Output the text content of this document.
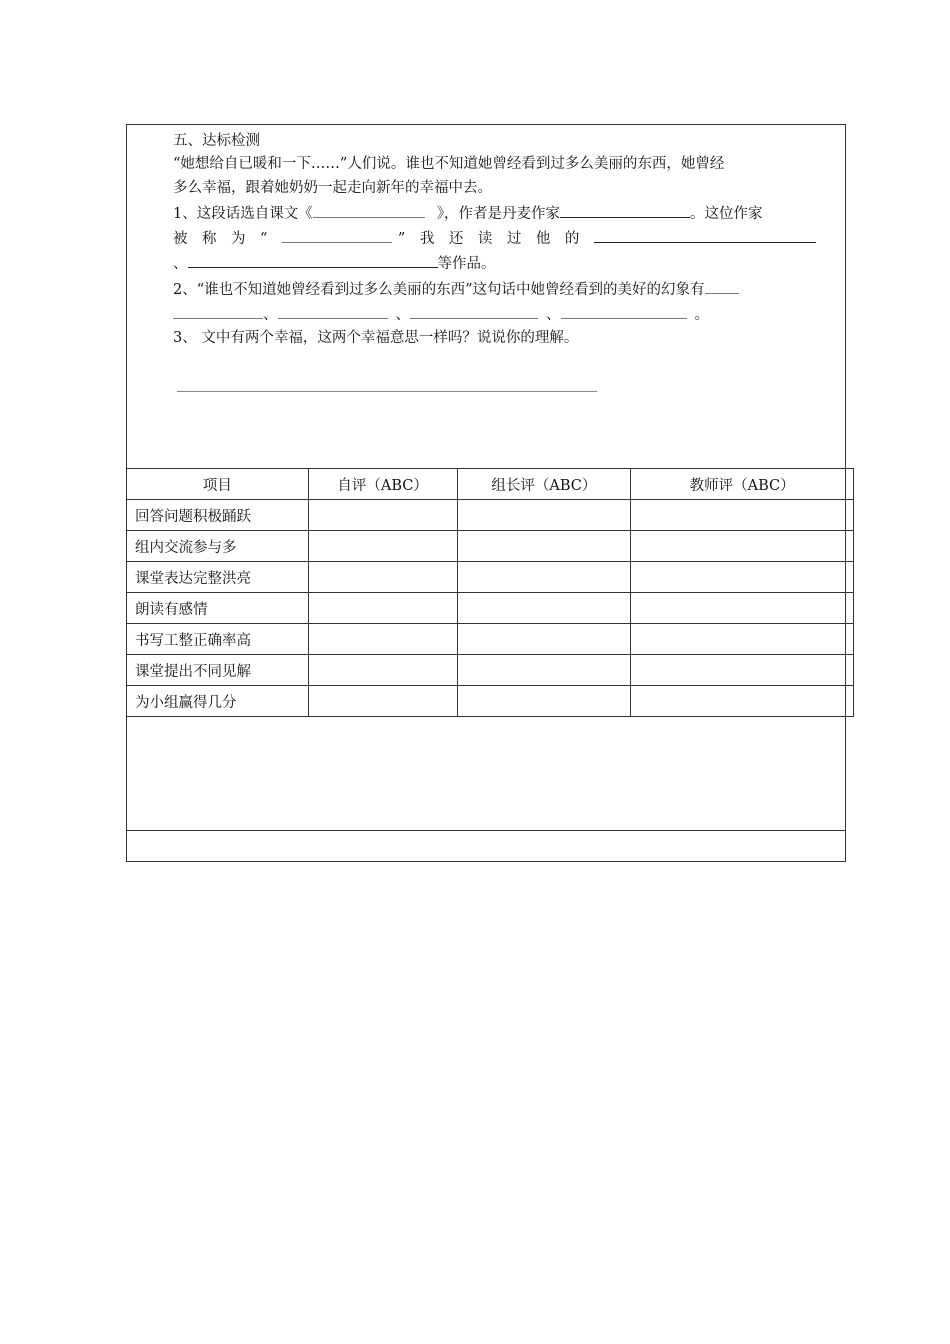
五、达标检测
“她想给自已暖和一下……”人们说。谁也不知道她曾经看到过多么美丽的东西，她曾经
多么幸福，跟着她奶奶一起走向新年的幸福中去。
1、这段话选自课文《	》，作者是丹麦作家	。这位作家
被称为“	”我还读过他的
、	等作品。
2、“谁也不知道她曾经看到过多么美丽的东西”这句话中她曾经看到的美好的幻象有
、	、	、	。
3、 文中有两个幸福，这两个幸福意思一样吗？说说你的理解。
项目	自评（ABC）	组长评（ABC）	教师评（ABC）
回答问题积极踊跃			
组内交流参与多			
课堂表达完整洪亮			
朗读有感情			
书写工整正确率高			
课堂提出不同见解			
为小组赢得几分			
